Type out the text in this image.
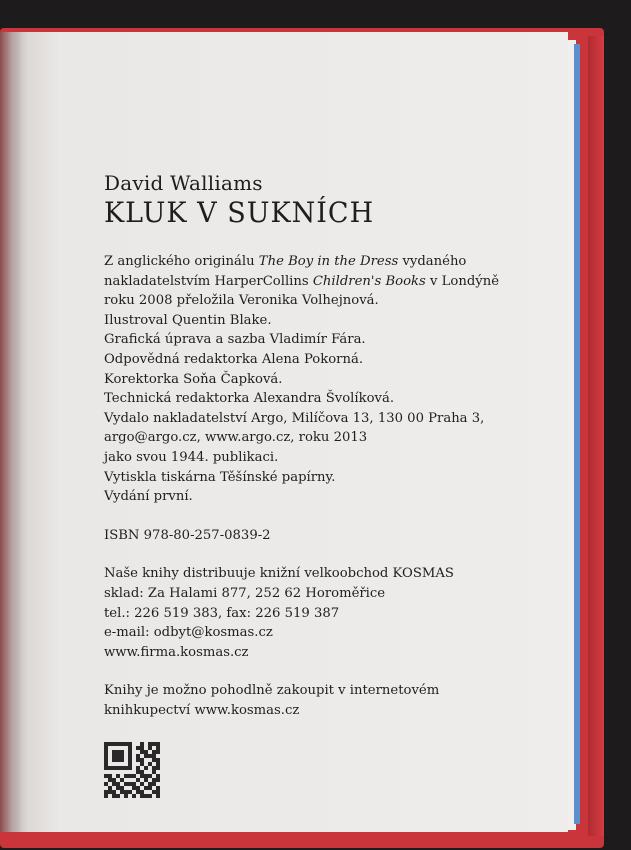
David Walliams

KLUK V SUKNÍCH

Z anglického originálu The Boy in the Dress vydaného

nakladatelstvím HarperCollins Children's Books v Londýně

roku 2008 přeložila Veronika Volhejnová.

Ilustroval Quentin Blake.

Grafická úprava a sazba Vladimír Fára.

Odpovědná redaktorka Alena Pokorná.

Korektorka Soňa Čapková.

Technická redaktorka Alexandra Švolíková.

Vydalo nakladatelství Argo, Milíčova 13, 130 00 Praha 3,

argo@argo.cz, www.argo.cz, roku 2013

jako svou 1944. publikaci.

Vytiskla tiskárna Těšínské papírny.

Vydání první.

ISBN 978-80-257-0839-2

Naše knihy distribuuje knižní velkoobchod KOSMAS

sklad: Za Halami 877, 252 62 Horoměřice

tel.: 226 519 383, fax: 226 519 387

e-mail: odbyt@kosmas.cz

www.firma.kosmas.cz

Knihy je možno pohodlně zakoupit v internetovém

knihkupectví www.kosmas.cz
